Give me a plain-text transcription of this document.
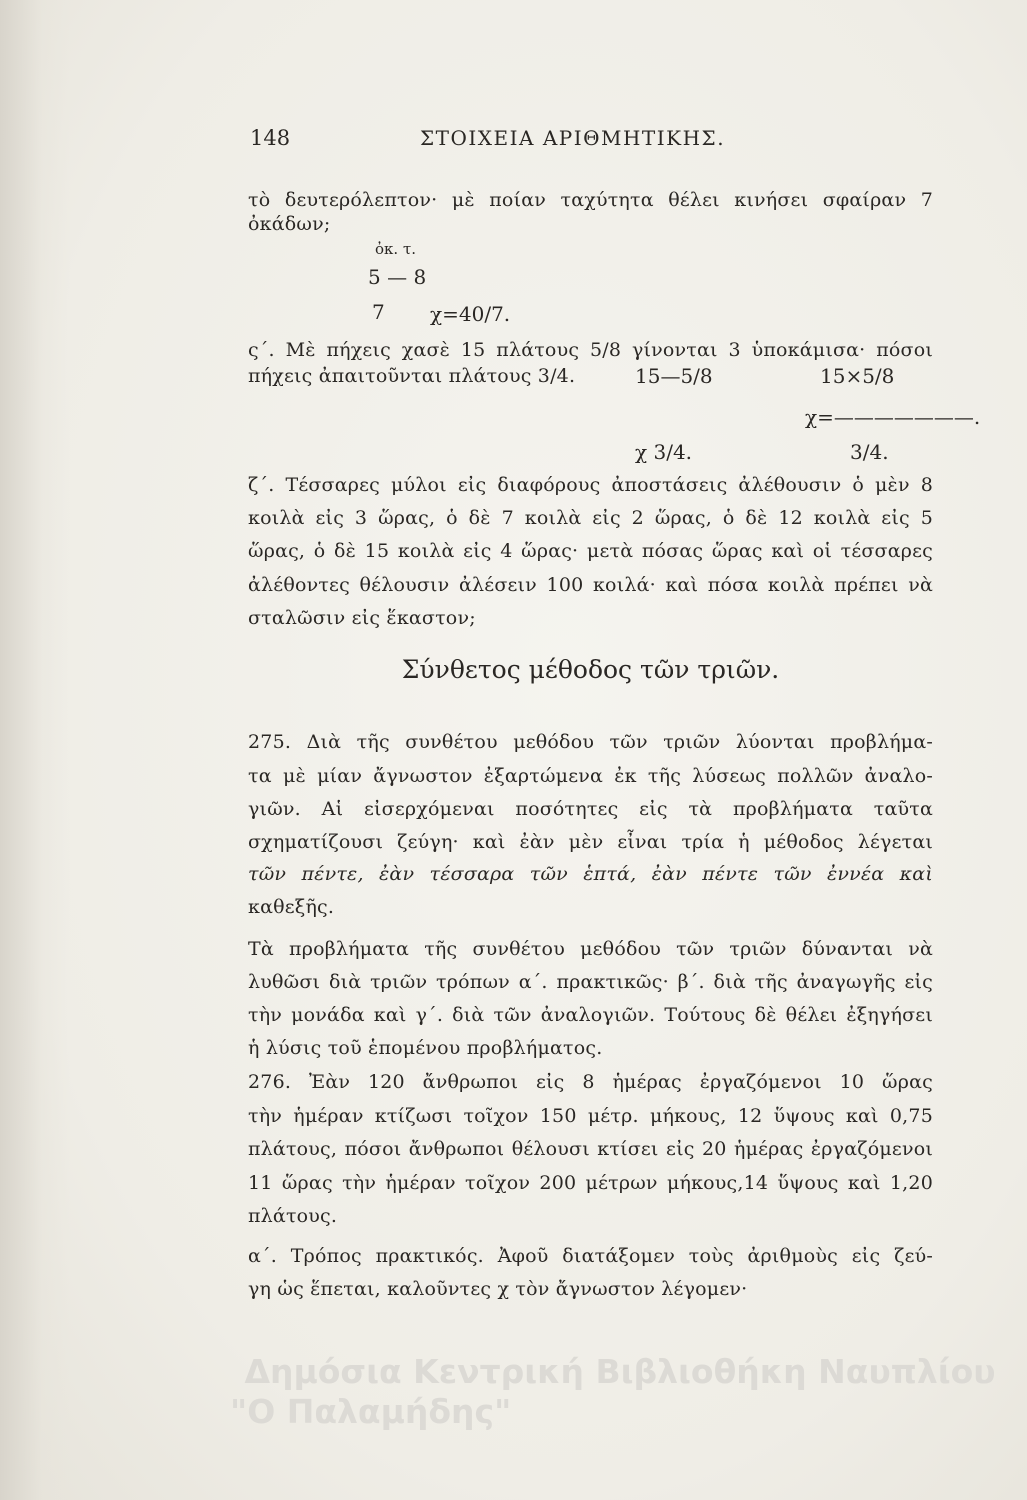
148	ΣΤΟΙΧΕΙΑ ΑΡΙΘΜΗΤΙΚΗΣ.
τὸ δευτερόλεπτον· μὲ ποίαν ταχύτητα θέλει κινήσει σφαίραν 7
ὀκάδων;
ὀκ. τ.
5 — 8
7 χ=40/7.
ς΄. Μὲ πήχεις χασὲ 15 πλάτους 5/8 γίνονται 3 ὑποκάμισα· πόσοι
πήχεις ἀπαιτοῦνται πλάτους 3/4.	15—5/8	15×5/8
χ=———————.
χ 3/4.	3/4.
ζ΄. Τέσσαρες μύλοι εἰς διαφόρους ἀποστάσεις ἀλέθουσιν ὁ μὲν 8
κοιλὰ εἰς 3 ὥρας, ὁ δὲ 7 κοιλὰ εἰς 2 ὥρας, ὁ δὲ 12 κοιλὰ εἰς 5
ὥρας, ὁ δὲ 15 κοιλὰ εἰς 4 ὥρας· μετὰ πόσας ὥρας καὶ οἱ τέσσαρες
ἀλέθοντες θέλουσιν ἀλέσειν 100 κοιλά· καὶ πόσα κοιλὰ πρέπει νὰ
σταλῶσιν εἰς ἕκαστον;
Σύνθετος μέθοδος τῶν τριῶν.
275. Διὰ τῆς συνθέτου μεθόδου τῶν τριῶν λύονται προβλήμα-
τα μὲ μίαν ἄγνωστον ἐξαρτώμενα ἐκ τῆς λύσεως πολλῶν ἀναλο-
γιῶν. Αἱ εἰσερχόμεναι ποσότητες εἰς τὰ προβλήματα ταῦτα
σχηματίζουσι ζεύγη· καὶ ἐὰν μὲν εἶναι τρία ἡ μέθοδος λέγεται
τῶν πέντε, ἐὰν τέσσαρα τῶν ἑπτά, ἐὰν πέντε τῶν ἐννέα καὶ
καθεξῆς.
Τὰ προβλήματα τῆς συνθέτου μεθόδου τῶν τριῶν δύνανται νὰ
λυθῶσι διὰ τριῶν τρόπων α΄. πρακτικῶς· β΄. διὰ τῆς ἀναγωγῆς εἰς
τὴν μονάδα καὶ γ΄. διὰ τῶν ἀναλογιῶν. Τούτους δὲ θέλει ἐξηγήσει
ἡ λύσις τοῦ ἑπομένου προβλήματος.
276. Ἐὰν 120 ἄνθρωποι εἰς 8 ἡμέρας ἐργαζόμενοι 10 ὥρας
τὴν ἡμέραν κτίζωσι τοῖχον 150 μέτρ. μήκους, 12 ὕψους καὶ 0,75
πλάτους, πόσοι ἄνθρωποι θέλουσι κτίσει εἰς 20 ἡμέρας ἐργαζόμενοι
11 ὥρας τὴν ἡμέραν τοῖχον 200 μέτρων μήκους,14 ὕψους καὶ 1,20
πλάτους.
α΄. Τρόπος πρακτικός. Ἀφοῦ διατάξομεν τοὺς ἀριθμοὺς εἰς ζεύ-
γη ὡς ἕπεται, καλοῦντες χ τὸν ἄγνωστον λέγομεν·
Δημόσια Κεντρική Βιβλιοθήκη Ναυπλίου
"Ο Παλαμήδης"
